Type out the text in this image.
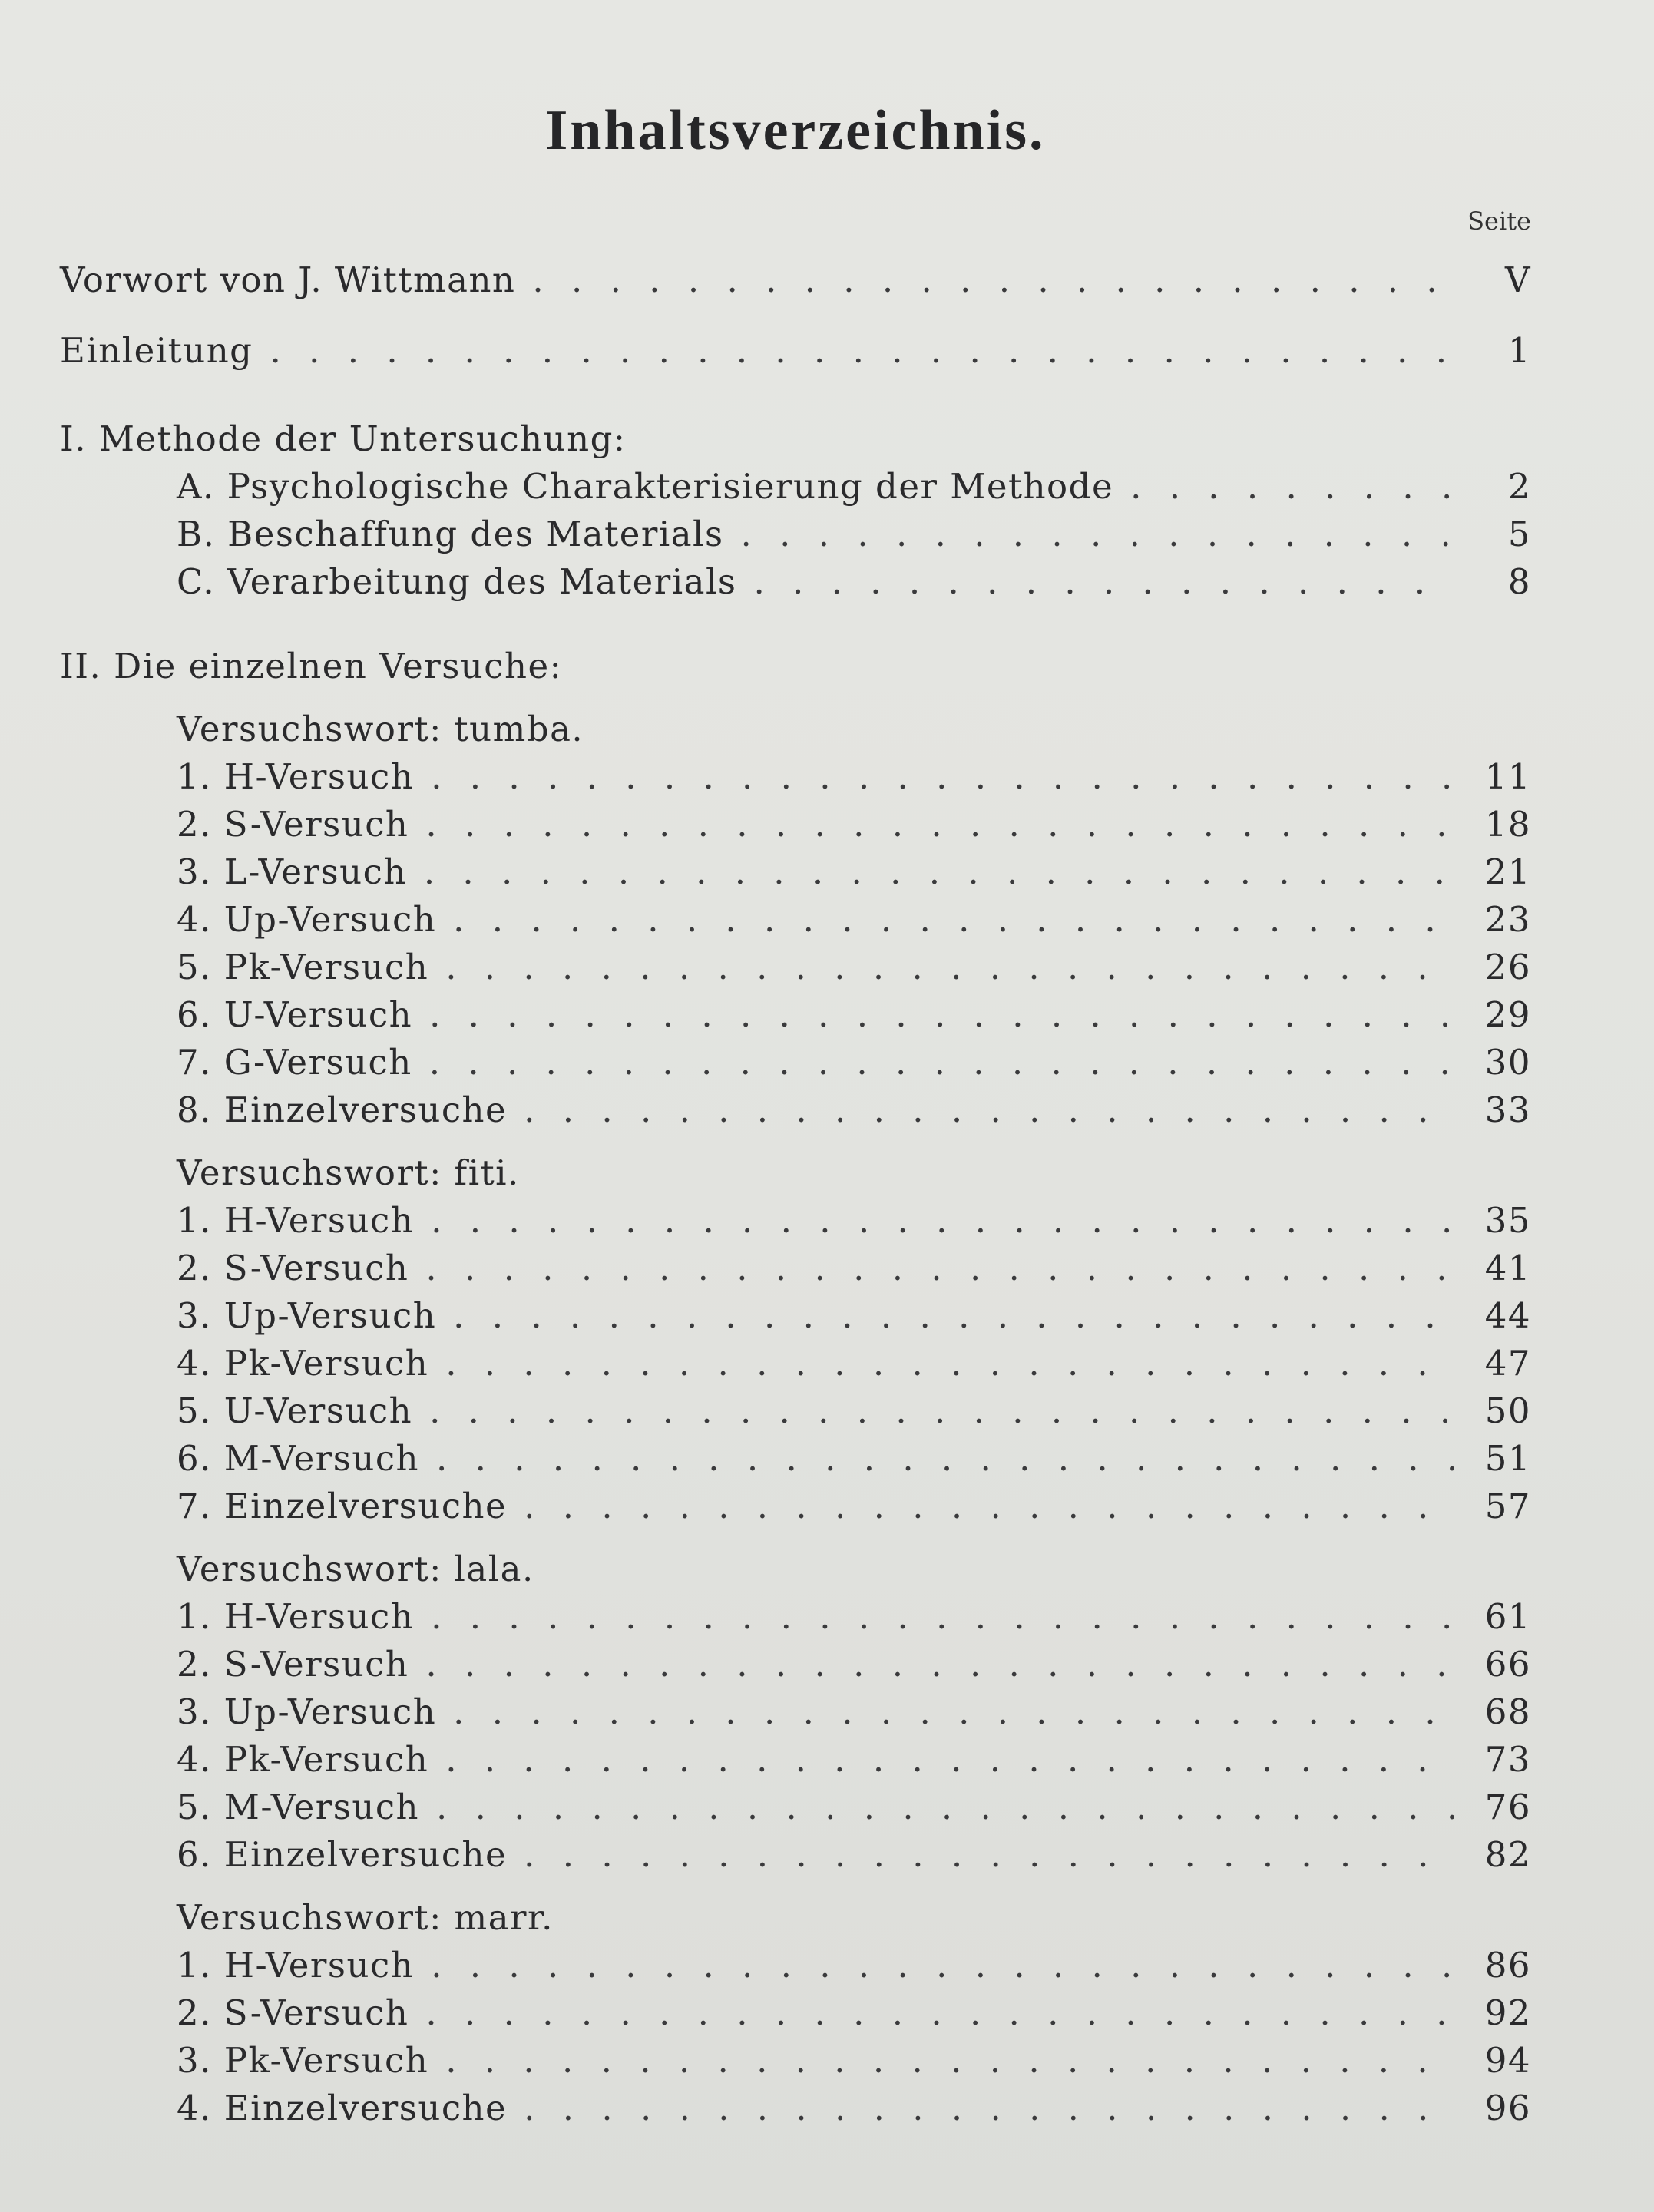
Inhaltsverzeichnis.
Seite
Vorwort von J. Wittmann . . .	V
Einleitung . . .	1
I. Methode der Untersuchung:
A. Psychologische Charakterisierung der Methode . . .	2
B. Beschaffung des Materials . . .	5
C. Verarbeitung des Materials . . .	8
II. Die einzelnen Versuche:
Versuchswort: tumba.
1. H-Versuch . . .	11
2. S-Versuch . . .	18
3. L-Versuch . . .	21
4. Up-Versuch . . .	23
5. Pk-Versuch . . .	26
6. U-Versuch . . .	29
7. G-Versuch . . .	30
8. Einzelversuche . . .	33
Versuchswort: fiti.
1. H-Versuch . . .	35
2. S-Versuch . . .	41
3. Up-Versuch . . .	44
4. Pk-Versuch . . .	47
5. U-Versuch . . .	50
6. M-Versuch . . .	51
7. Einzelversuche . . .	57
Versuchswort: lala.
1. H-Versuch . . .	61
2. S-Versuch . . .	66
3. Up-Versuch . . .	68
4. Pk-Versuch . . .	73
5. M-Versuch . . .	76
6. Einzelversuche . . .	82
Versuchswort: marr.
1. H-Versuch . . .	86
2. S-Versuch . . .	92
3. Pk-Versuch . . .	94
4. Einzelversuche . . .	96
